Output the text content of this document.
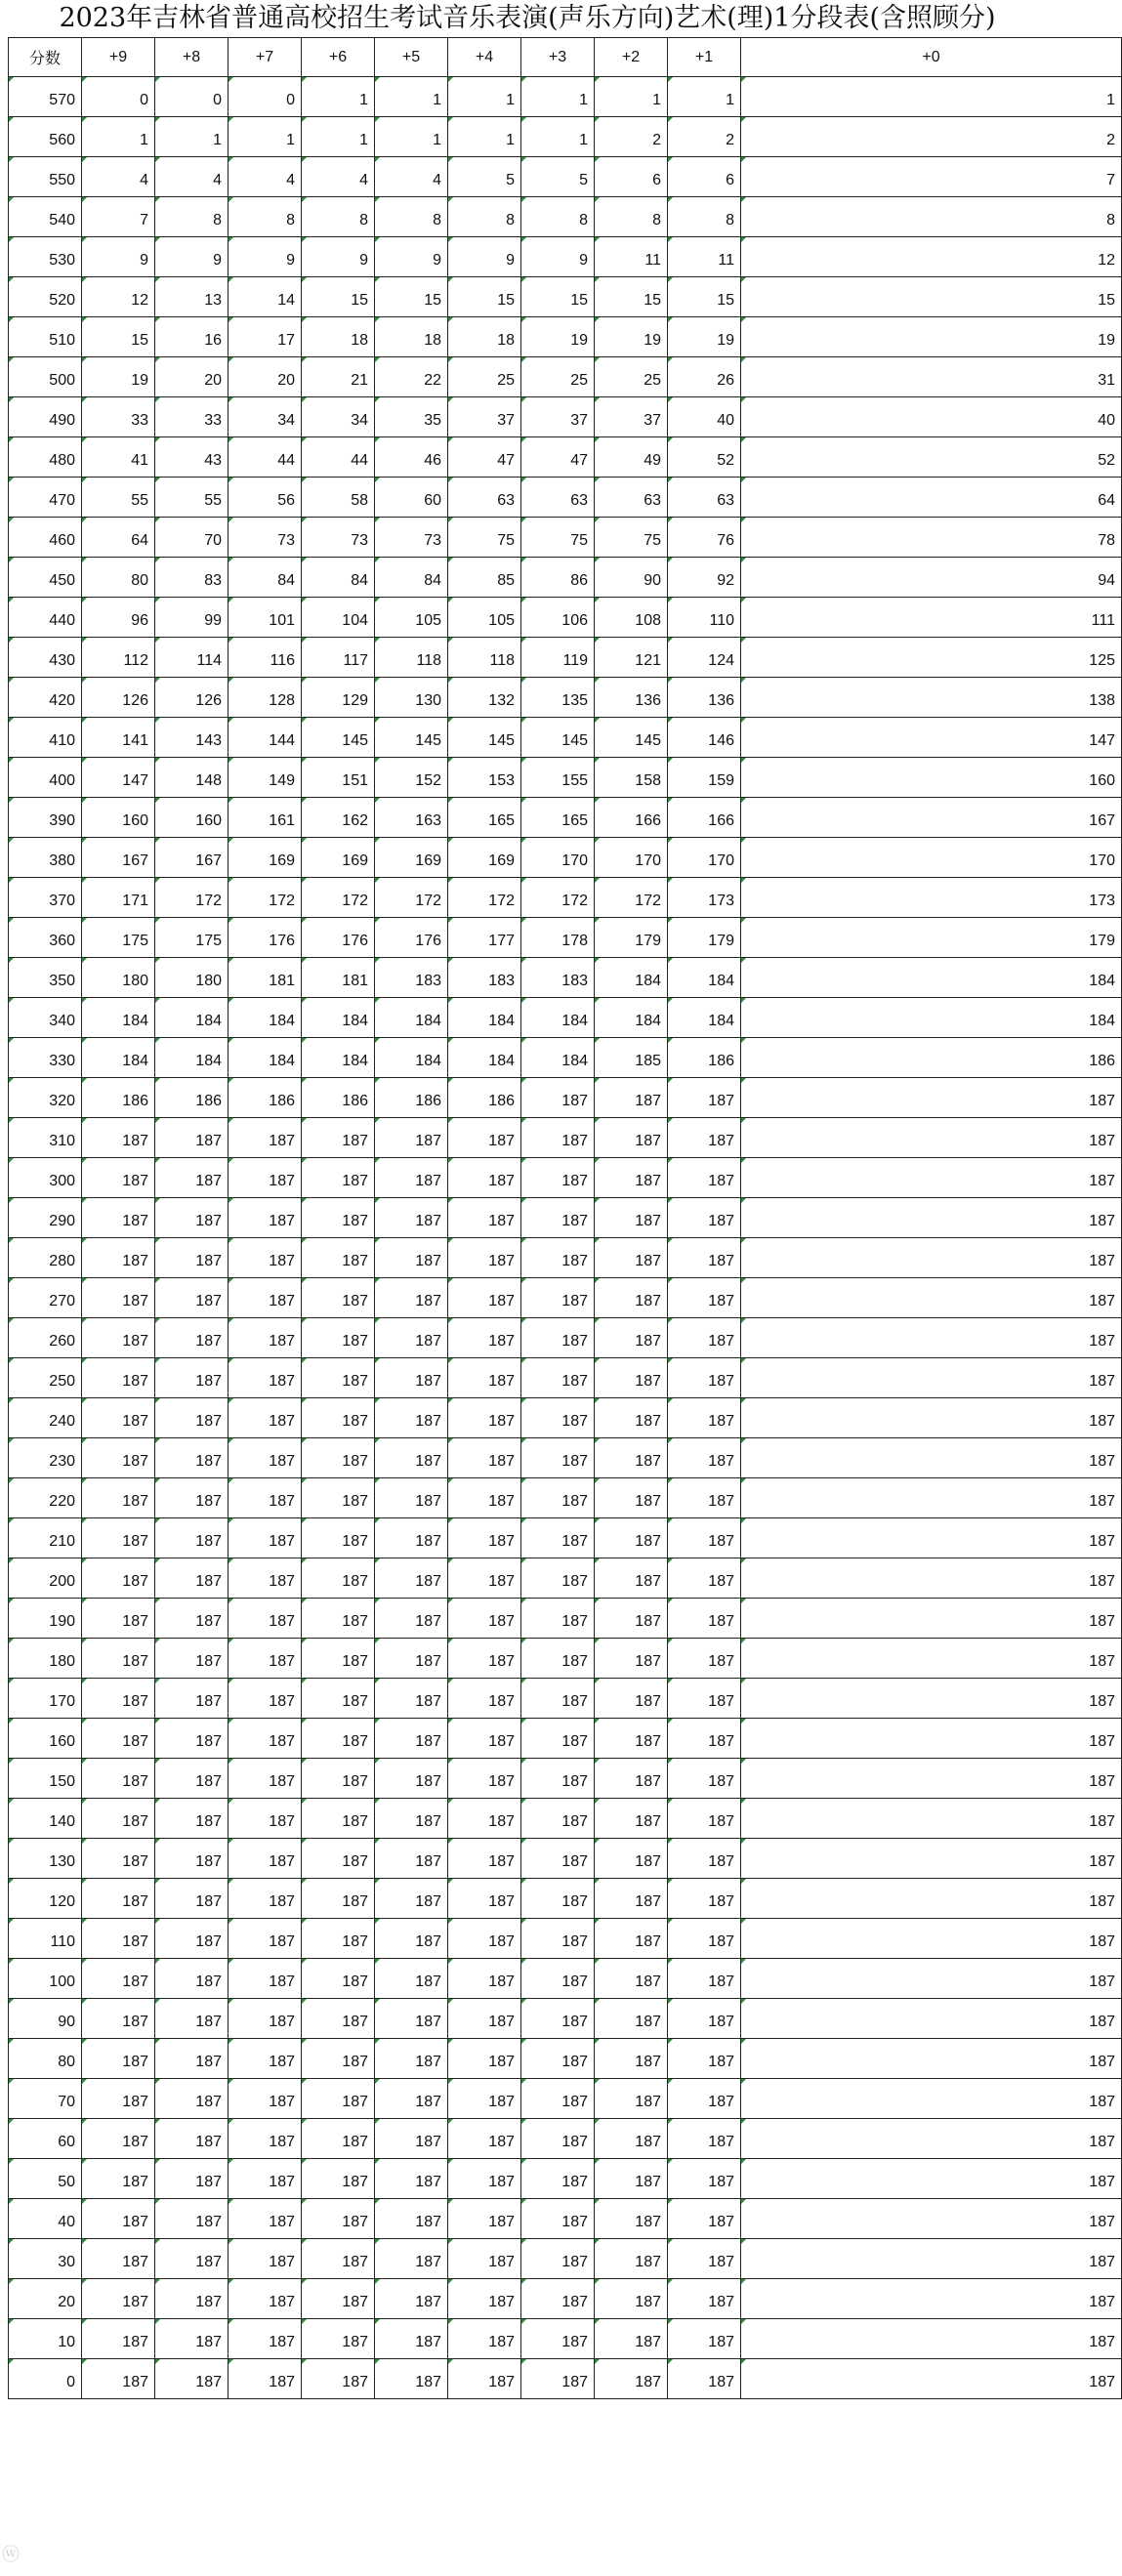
2023年吉林省普通高校招生考试音乐表演(声乐方向)艺术(理)1分段表(含照顾分)
分数	+9	+8	+7	+6	+5	+4	+3	+2	+1	+0

570	0	0	0	1	1	1	1	1	1	1

560	1	1	1	1	1	1	1	2	2	2

550	4	4	4	4	4	5	5	6	6	7

540	7	8	8	8	8	8	8	8	8	8

530	9	9	9	9	9	9	9	11	11	12

520	12	13	14	15	15	15	15	15	15	15

510	15	16	17	18	18	18	19	19	19	19

500	19	20	20	21	22	25	25	25	26	31

490	33	33	34	34	35	37	37	37	40	40

480	41	43	44	44	46	47	47	49	52	52

470	55	55	56	58	60	63	63	63	63	64

460	64	70	73	73	73	75	75	75	76	78

450	80	83	84	84	84	85	86	90	92	94

440	96	99	101	104	105	105	106	108	110	111

430	112	114	116	117	118	118	119	121	124	125

420	126	126	128	129	130	132	135	136	136	138

410	141	143	144	145	145	145	145	145	146	147

400	147	148	149	151	152	153	155	158	159	160

390	160	160	161	162	163	165	165	166	166	167

380	167	167	169	169	169	169	170	170	170	170

370	171	172	172	172	172	172	172	172	173	173

360	175	175	176	176	176	177	178	179	179	179

350	180	180	181	181	183	183	183	184	184	184

340	184	184	184	184	184	184	184	184	184	184

330	184	184	184	184	184	184	184	185	186	186

320	186	186	186	186	186	186	187	187	187	187

310	187	187	187	187	187	187	187	187	187	187

300	187	187	187	187	187	187	187	187	187	187

290	187	187	187	187	187	187	187	187	187	187

280	187	187	187	187	187	187	187	187	187	187

270	187	187	187	187	187	187	187	187	187	187

260	187	187	187	187	187	187	187	187	187	187

250	187	187	187	187	187	187	187	187	187	187

240	187	187	187	187	187	187	187	187	187	187

230	187	187	187	187	187	187	187	187	187	187

220	187	187	187	187	187	187	187	187	187	187

210	187	187	187	187	187	187	187	187	187	187

200	187	187	187	187	187	187	187	187	187	187

190	187	187	187	187	187	187	187	187	187	187

180	187	187	187	187	187	187	187	187	187	187

170	187	187	187	187	187	187	187	187	187	187

160	187	187	187	187	187	187	187	187	187	187

150	187	187	187	187	187	187	187	187	187	187

140	187	187	187	187	187	187	187	187	187	187

130	187	187	187	187	187	187	187	187	187	187

120	187	187	187	187	187	187	187	187	187	187

110	187	187	187	187	187	187	187	187	187	187

100	187	187	187	187	187	187	187	187	187	187

90	187	187	187	187	187	187	187	187	187	187

80	187	187	187	187	187	187	187	187	187	187

70	187	187	187	187	187	187	187	187	187	187

60	187	187	187	187	187	187	187	187	187	187

50	187	187	187	187	187	187	187	187	187	187

40	187	187	187	187	187	187	187	187	187	187

30	187	187	187	187	187	187	187	187	187	187

20	187	187	187	187	187	187	187	187	187	187

10	187	187	187	187	187	187	187	187	187	187

0	187	187	187	187	187	187	187	187	187	187
ⓦ
